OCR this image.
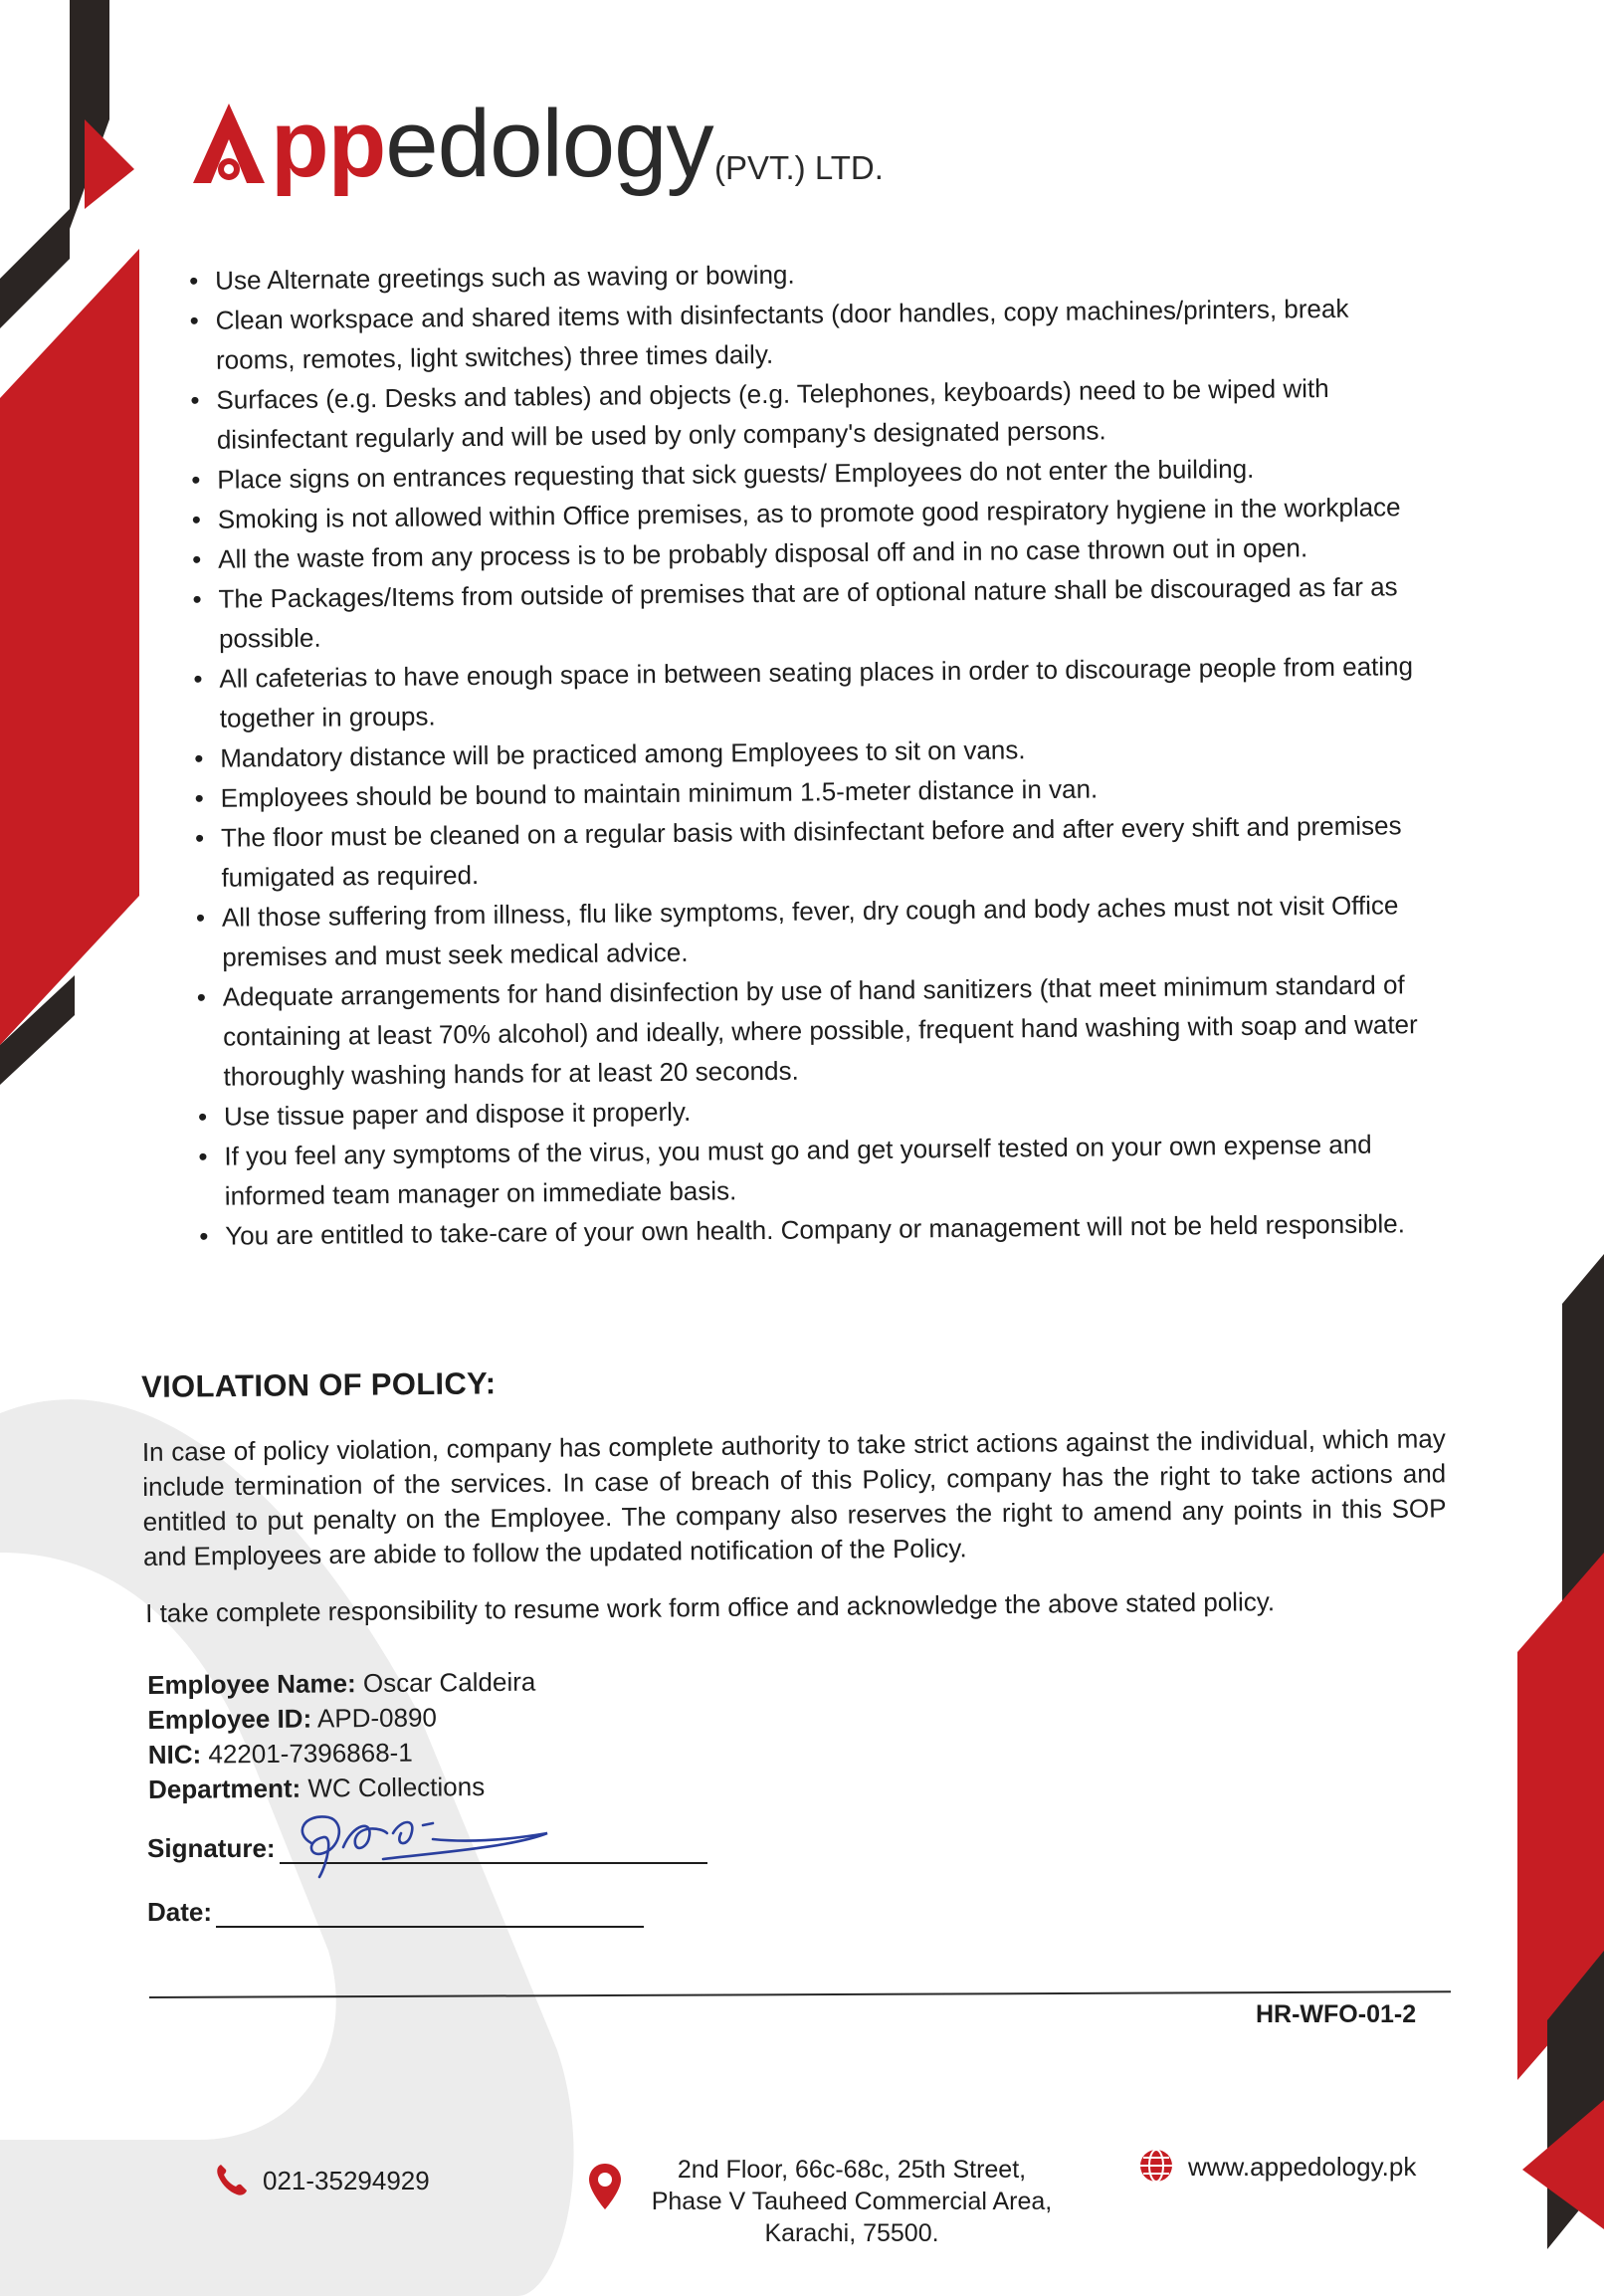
ppedology (PVT.) LTD.
• Use Alternate greetings such as waving or bowing.
• Clean workspace and shared items with disinfectants (door handles, copy machines/printers, break rooms, remotes, light switches) three times daily.
• Surfaces (e.g. Desks and tables) and objects (e.g. Telephones, keyboards) need to be wiped with disinfectant regularly and will be used by only company's designated persons.
• Place signs on entrances requesting that sick guests/ Employees do not enter the building.
• Smoking is not allowed within Office premises, as to promote good respiratory hygiene in the workplace
• All the waste from any process is to be probably disposal off and in no case thrown out in open.
• The Packages/Items from outside of premises that are of optional nature shall be discouraged as far as possible.
• All cafeterias to have enough space in between seating places in order to discourage people from eating together in groups.
• Mandatory distance will be practiced among Employees to sit on vans.
• Employees should be bound to maintain minimum 1.5-meter distance in van.
• The floor must be cleaned on a regular basis with disinfectant before and after every shift and premises fumigated as required.
• All those suffering from illness, flu like symptoms, fever, dry cough and body aches must not visit Office premises and must seek medical advice.
• Adequate arrangements for hand disinfection by use of hand sanitizers (that meet minimum standard of containing at least 70% alcohol) and ideally, where possible, frequent hand washing with soap and water thoroughly washing hands for at least 20 seconds.
• Use tissue paper and dispose it properly.
• If you feel any symptoms of the virus, you must go and get yourself tested on your own expense and informed team manager on immediate basis.
• You are entitled to take-care of your own health. Company or management will not be held responsible.
VIOLATION OF POLICY:

In case of policy violation, company has complete authority to take strict actions against the individual, which may include termination of the services. In case of breach of this Policy, company has the right to take actions and entitled to put penalty on the Employee. The company also reserves the right to amend any points in this SOP and Employees are abide to follow the updated notification of the Policy.

I take complete responsibility to resume work form office and acknowledge the above stated policy.
Employee Name: Oscar Caldeira
Employee ID: APD-0890
NIC: 42201-7396868-1
Department: WC Collections
Signature:
Date:
HR-WFO-01-2
021-35294929	2nd Floor, 66c-68c, 25th Street,
Phase V Tauheed Commercial Area,
Karachi, 75500.
www.appedology.pk
